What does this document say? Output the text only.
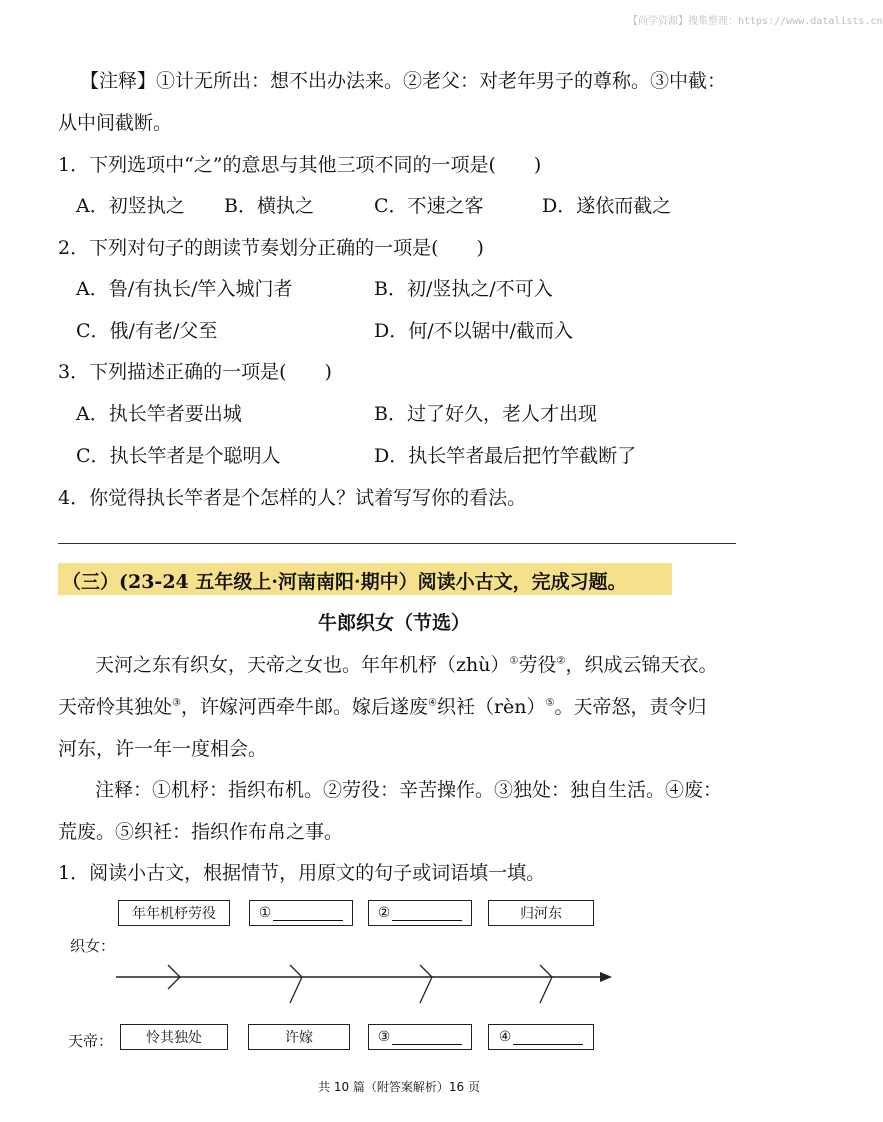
【尚学资源】搜集整理：https://www.datalists.cn
【注释】①计无所出：想不出办法来。②老父：对老年男子的尊称。③中截：
从中间截断。
1．下列选项中“之”的意思与其他三项不同的一项是(　　)
A．初竖执之 B．横执之	C．不速之客	D．遂依而截之
2．下列对句子的朗读节奏划分正确的一项是(　　)
A．鲁/有执长/竿入城门者	B．初/竖执之/不可入
C．俄/有老/父至	D．何/不以锯中/截而入
3．下列描述正确的一项是(　　)
A．执长竿者要出城	B．过了好久，老人才出现
C．执长竿者是个聪明人	D．执长竿者最后把竹竿截断了
4．你觉得执长竿者是个怎样的人？试着写写你的看法。
（三）(23-24 五年级上·河南南阳·期中）阅读小古文，完成习题。
牛郎织女（节选）
天河之东有织女，天帝之女也。年年机杼（zhù）①劳役②，织成云锦天衣。
天帝怜其独处③，许嫁河西牵牛郎。嫁后遂废④织衽（rèn）⑤。天帝怒，责令归
河东，许一年一度相会。
注释：①机杼：指织布机。②劳役：辛苦操作。③独处：独自生活。④废：
荒废。⑤织衽：指织作布帛之事。
1．阅读小古文，根据情节，用原文的句子或词语填一填。
织女：
天帝：
年年机杼劳役	①	②	归河东
怜其独处	许嫁	③	④
共 10 篇（附答案解析）16 页
